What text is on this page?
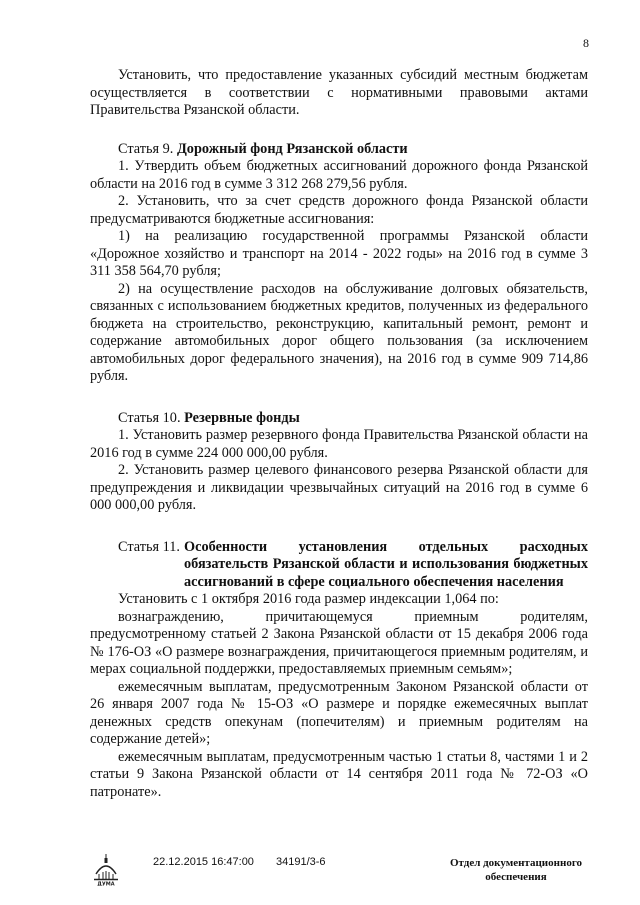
8

Установить, что предоставление указанных субсидий местным бюджетам осуществляется в соответствии с нормативными правовыми актами Правительства Рязанской области.

Статья 9. Дорожный фонд Рязанской области

1. Утвердить объем бюджетных ассигнований дорожного фонда Рязанской области на 2016 год в сумме 3 312 268 279,56 рубля.

2. Установить, что за счет средств дорожного фонда Рязанской области предусматриваются бюджетные ассигнования:

1) на реализацию государственной программы Рязанской области «Дорожное хозяйство и транспорт на 2014 - 2022 годы» на 2016 год в сумме 3 311 358 564,70 рубля;

2) на осуществление расходов на обслуживание долговых обязательств, связанных с использованием бюджетных кредитов, полученных из федерального бюджета на строительство, реконструкцию, капитальный ремонт, ремонт и содержание автомобильных дорог общего пользования (за исключением автомобильных дорог федерального значения), на 2016 год в сумме 909 714,86 рубля.

Статья 10. Резервные фонды

1. Установить размер резервного фонда Правительства Рязанской области на 2016 год в сумме 224 000 000,00 рубля.

2. Установить размер целевого финансового резерва Рязанской области для предупреждения и ликвидации чрезвычайных ситуаций на 2016 год в сумме 6 000 000,00 рубля.

Статья 11. Особенности установления отдельных расходных обязательств Рязанской области и использования бюджетных ассигнований в сфере социального обеспечения населения

Установить с 1 октября 2016 года размер индексации 1,064 по:

вознаграждению, причитающемуся приемным родителям, предусмотренному статьей 2 Закона Рязанской области от 15 декабря 2006 года № 176-ОЗ «О размере вознаграждения, причитающегося приемным родителям, и мерах социальной поддержки, предоставляемых приемным семьям»;

ежемесячным выплатам, предусмотренным Законом Рязанской области от 26 января 2007 года № 15-ОЗ «О размере и порядке ежемесячных выплат денежных средств опекунам (попечителям) и приемным родителям на содержание детей»;

ежемесячным выплатам, предусмотренным частью 1 статьи 8, частями 1 и 2 статьи 9 Закона Рязанской области от 14 сентября 2011 года № 72-ОЗ «О патронате».

ДУМА
22.12.2015 16:47:00 34191/3-6	Отдел документационного обеспечения
